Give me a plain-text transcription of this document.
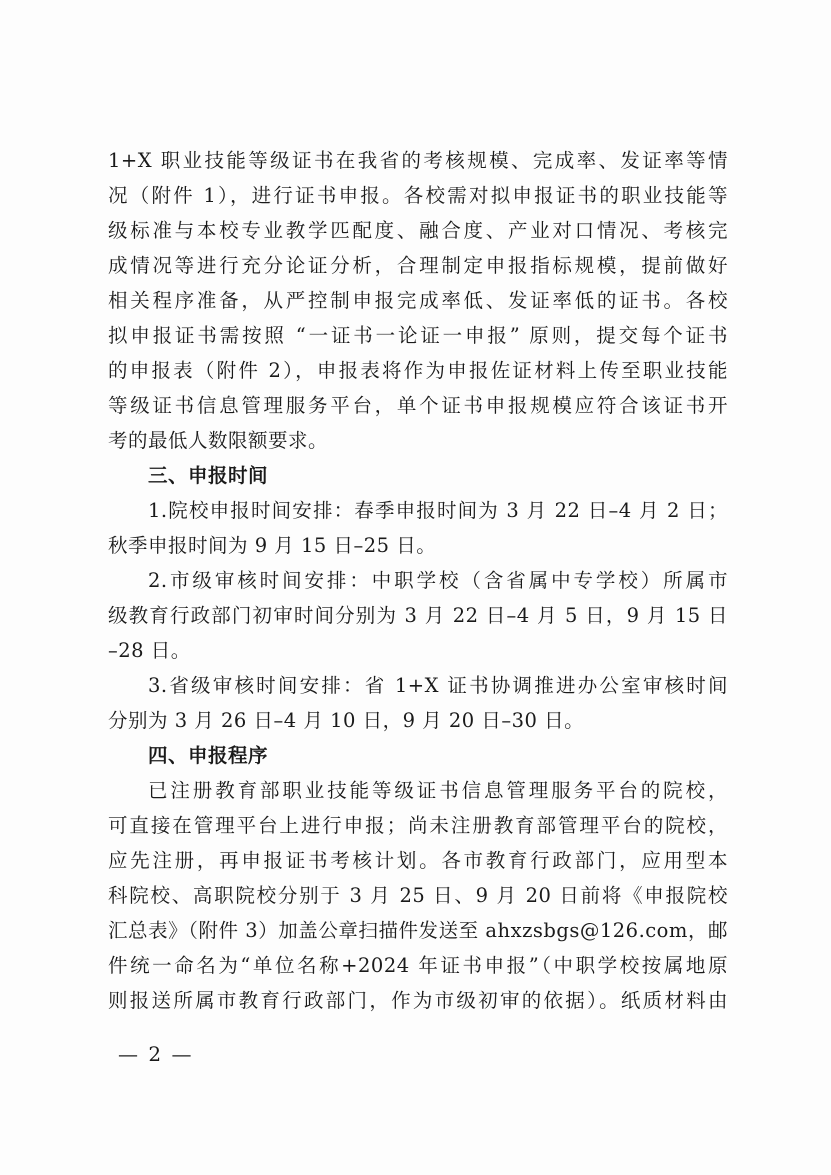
1+X 职业技能等级证书在我省的考核规模、完成率、发证率等情
况（附件 1），进行证书申报。各校需对拟申报证书的职业技能等
级标准与本校专业教学匹配度、融合度、产业对口情况、考核完
成情况等进行充分论证分析，合理制定申报指标规模，提前做好
相关程序准备，从严控制申报完成率低、发证率低的证书。各校
拟申报证书需按照 “一证书一论证一申报” 原则，提交每个证书
的申报表（附件 2），申报表将作为申报佐证材料上传至职业技能
等级证书信息管理服务平台，单个证书申报规模应符合该证书开
考的最低人数限额要求。
三、申报时间
1.院校申报时间安排：春季申报时间为 3 月 22 日–4 月 2 日；
秋季申报时间为 9 月 15 日–25 日。
2.市级审核时间安排：中职学校（含省属中专学校）所属市
级教育行政部门初审时间分别为 3 月 22 日–4 月 5 日，9 月 15 日
–28 日。
3.省级审核时间安排：省 1+X 证书协调推进办公室审核时间
分别为 3 月 26 日–4 月 10 日，9 月 20 日–30 日。
四、申报程序
已注册教育部职业技能等级证书信息管理服务平台的院校，
可直接在管理平台上进行申报；尚未注册教育部管理平台的院校，
应先注册，再申报证书考核计划。各市教育行政部门，应用型本
科院校、高职院校分别于 3 月 25 日、9 月 20 日前将《申报院校
汇总表》（附件 3）加盖公章扫描件发送至 ahxzsbgs@126.com，邮
件统一命名为“单位名称+2024 年证书申报”（中职学校按属地原
则报送所属市教育行政部门，作为市级初审的依据）。纸质材料由
— 2 —
